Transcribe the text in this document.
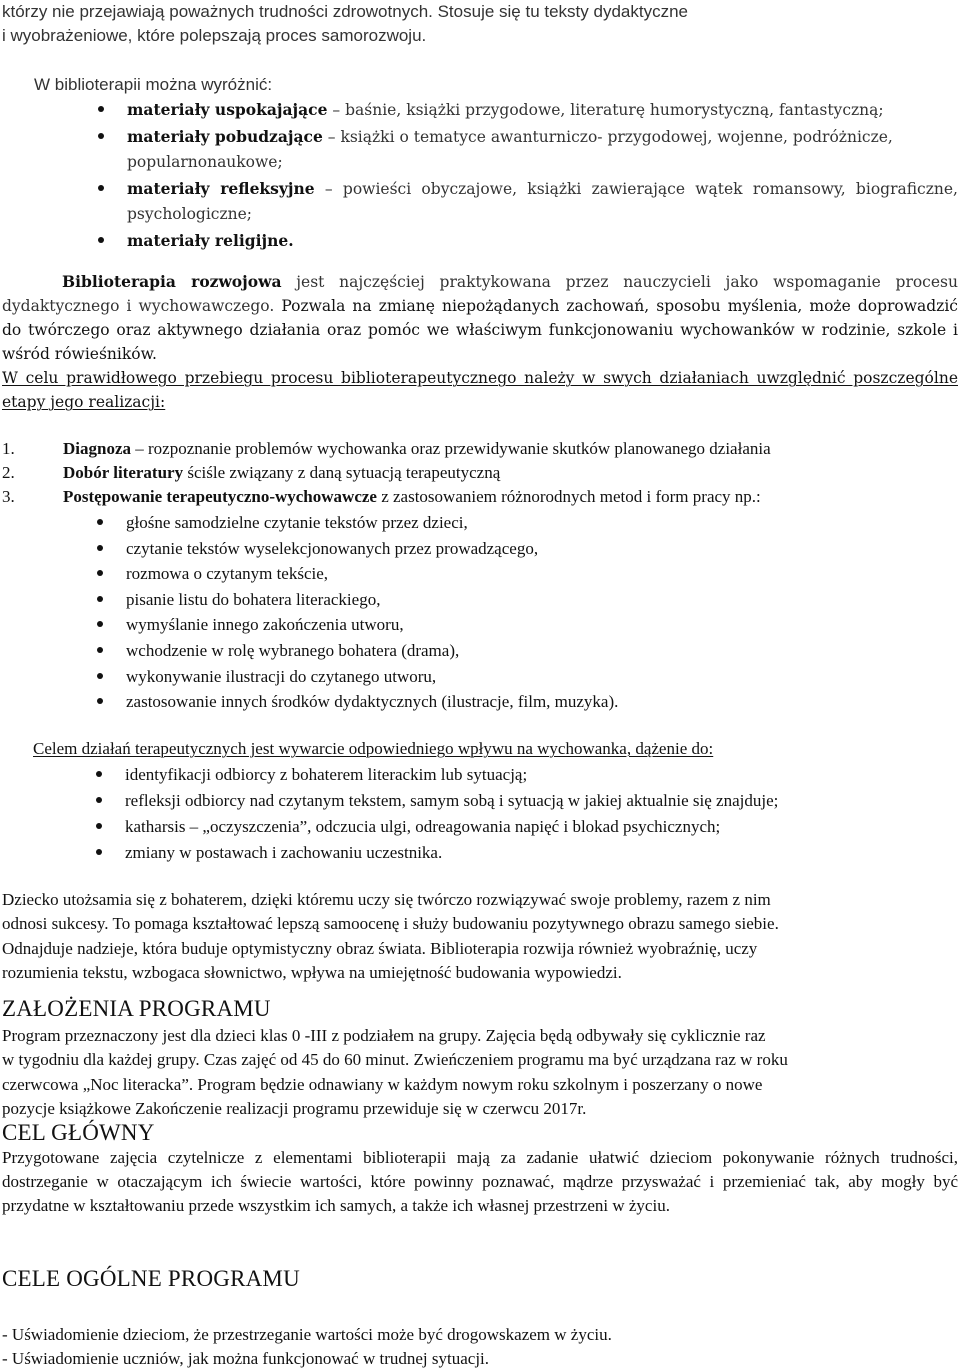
którzy nie przejawiają poważnych trudności zdrowotnych. Stosuje się tu teksty dydaktyczne
i wyobrażeniowe, które polepszają proces samorozwoju.
W biblioterapii można wyróżnić:
materiały uspokajające – baśnie, książki przygodowe, literaturę humorystyczną, fantastyczną;
materiały pobudzające – książki o tematyce awanturniczo- przygodowej, wojenne, podróżnicze, popularnonaukowe;
materiały refleksyjne – powieści obyczajowe, książki zawierające wątek romansowy, biograficzne, psychologiczne;
materiały religijne.
Biblioterapia rozwojowa jest najczęściej praktykowana przez nauczycieli jako wspomaganie procesu dydaktycznego i wychowawczego. Pozwala na zmianę niepożądanych zachowań, sposobu myślenia, może doprowadzić do twórczego oraz aktywnego działania oraz pomóc we właściwym funkcjonowaniu wychowanków w rodzinie, szkole i wśród rówieśników.
W celu prawidłowego przebiegu procesu biblioterapeutycznego należy w swych działaniach uwzględnić poszczególne etapy jego realizacji:
1.	Diagnoza – rozpoznanie problemów wychowanka oraz przewidywanie skutków planowanego działania
2.	Dobór literatury ściśle związany z daną sytuacją terapeutyczną
3.	Postępowanie terapeutyczno-wychowawcze z zastosowaniem różnorodnych metod i form pracy np.:
głośne samodzielne czytanie tekstów przez dzieci,
czytanie tekstów wyselekcjonowanych przez prowadzącego,
rozmowa o czytanym tekście,
pisanie listu do bohatera literackiego,
wymyślanie innego zakończenia utworu,
wchodzenie w rolę wybranego bohatera (drama),
wykonywanie ilustracji do czytanego utworu,
zastosowanie innych środków dydaktycznych (ilustracje, film, muzyka).
Celem działań terapeutycznych jest wywarcie odpowiedniego wpływu na wychowanka, dążenie do:
identyfikacji odbiorcy z bohaterem literackim lub sytuacją;
refleksji odbiorcy nad czytanym tekstem, samym sobą i sytuacją w jakiej aktualnie się znajduje;
katharsis – „oczyszczenia”, odczucia ulgi, odreagowania napięć i blokad psychicznych;
zmiany w postawach i zachowaniu uczestnika.
Dziecko utożsamia się z bohaterem, dzięki któremu uczy się twórczo rozwiązywać swoje problemy, razem z nim
odnosi sukcesy. To pomaga kształtować lepszą samoocenę i służy budowaniu pozytywnego obrazu samego siebie.
Odnajduje nadzieje, która buduje optymistyczny obraz świata. Biblioterapia rozwija również wyobraźnię, uczy
rozumienia tekstu, wzbogaca słownictwo, wpływa na umiejętność budowania wypowiedzi.
ZAŁOŻENIA PROGRAMU
Program przeznaczony jest dla dzieci klas 0 -III z podziałem na grupy. Zajęcia będą odbywały się cyklicznie raz
w tygodniu dla każdej grupy. Czas zajęć od 45 do 60 minut. Zwieńczeniem programu ma być urządzana raz w roku
czerwcowa „Noc literacka”. Program będzie odnawiany w każdym nowym roku szkolnym i poszerzany o nowe
pozycje książkowe Zakończenie realizacji programu przewiduje się w czerwcu 2017r.
CEL GŁÓWNY
Przygotowane zajęcia czytelnicze z elementami biblioterapii mają za zadanie ułatwić dzieciom pokonywanie różnych trudności, dostrzeganie w otaczającym ich świecie wartości, które powinny poznawać, mądrze przysważać i przemieniać tak, aby mogły być przydatne w kształtowaniu przede wszystkim ich samych, a także ich własnej przestrzeni w życiu.
CELE OGÓLNE PROGRAMU
- Uświadomienie dzieciom, że przestrzeganie wartości może być drogowskazem w życiu.
- Uświadomienie uczniów, jak można funkcjonować w trudnej sytuacji.
